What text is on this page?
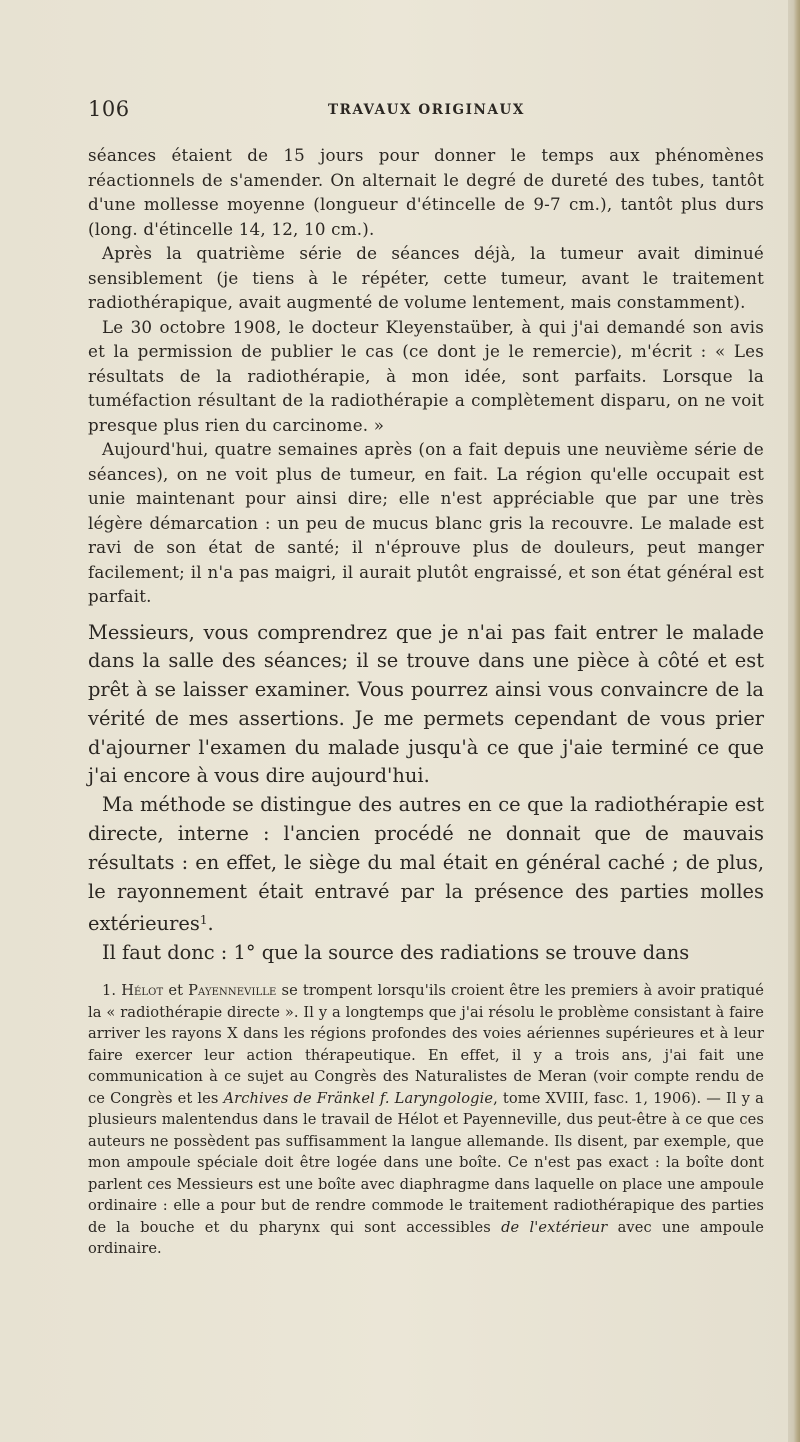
106	TRAVAUX ORIGINAUX

séances étaient de 15 jours pour donner le temps aux phénomènes réactionnels de s'amender. On alternait le degré de dureté des tubes, tantôt d'une mollesse moyenne (longueur d'étincelle de 9-7 cm.), tantôt plus durs (long. d'étincelle 14, 12, 10 cm.).

Après la quatrième série de séances déjà, la tumeur avait diminué sensiblement (je tiens à le répéter, cette tumeur, avant le traitement radiothérapique, avait augmenté de volume lentement, mais constamment).

Le 30 octobre 1908, le docteur Kleyenstaüber, à qui j'ai demandé son avis et la permission de publier le cas (ce dont je le remercie), m'écrit : « Les résultats de la radiothérapie, à mon idée, sont parfaits. Lorsque la tuméfaction résultant de la radiothérapie a complètement disparu, on ne voit presque plus rien du carcinome. »

Aujourd'hui, quatre semaines après (on a fait depuis une neuvième série de séances), on ne voit plus de tumeur, en fait. La région qu'elle occupait est unie maintenant pour ainsi dire; elle n'est appréciable que par une très légère démarcation : un peu de mucus blanc gris la recouvre. Le malade est ravi de son état de santé; il n'éprouve plus de douleurs, peut manger facilement; il n'a pas maigri, il aurait plutôt engraissé, et son état général est parfait.

Messieurs, vous comprendrez que je n'ai pas fait entrer le malade dans la salle des séances; il se trouve dans une pièce à côté et est prêt à se laisser examiner. Vous pourrez ainsi vous convaincre de la vérité de mes assertions. Je me permets cependant de vous prier d'ajourner l'examen du malade jusqu'à ce que j'aie terminé ce que j'ai encore à vous dire aujourd'hui.

Ma méthode se distingue des autres en ce que la radiothérapie est directe, interne : l'ancien procédé ne donnait que de mauvais résultats : en effet, le siège du mal était en général caché ; de plus, le rayonnement était entravé par la présence des parties molles extérieures$^1$.

Il faut donc : 1° que la source des radiations se trouve dans

1. Hélot et Payenneville se trompent lorsqu'ils croient être les premiers à avoir pratiqué la « radiothérapie directe ». Il y a longtemps que j'ai résolu le problème consistant à faire arriver les rayons X dans les régions profondes des voies aériennes supérieures et à leur faire exercer leur action thérapeutique. En effet, il y a trois ans, j'ai fait une communication à ce sujet au Congrès des Naturalistes de Meran (voir compte rendu de ce Congrès et les Archives de Fränkel f. Laryngologie, tome XVIII, fasc. 1, 1906). — Il y a plusieurs malentendus dans le travail de Hélot et Payenneville, dus peut-être à ce que ces auteurs ne possèdent pas suffisamment la langue allemande. Ils disent, par exemple, que mon ampoule spéciale doit être logée dans une boîte. Ce n'est pas exact : la boîte dont parlent ces Messieurs est une boîte avec diaphragme dans laquelle on place une ampoule ordinaire : elle a pour but de rendre commode le traitement radiothérapique des parties de la bouche et du pharynx qui sont accessibles de l'extérieur avec une ampoule ordinaire.
